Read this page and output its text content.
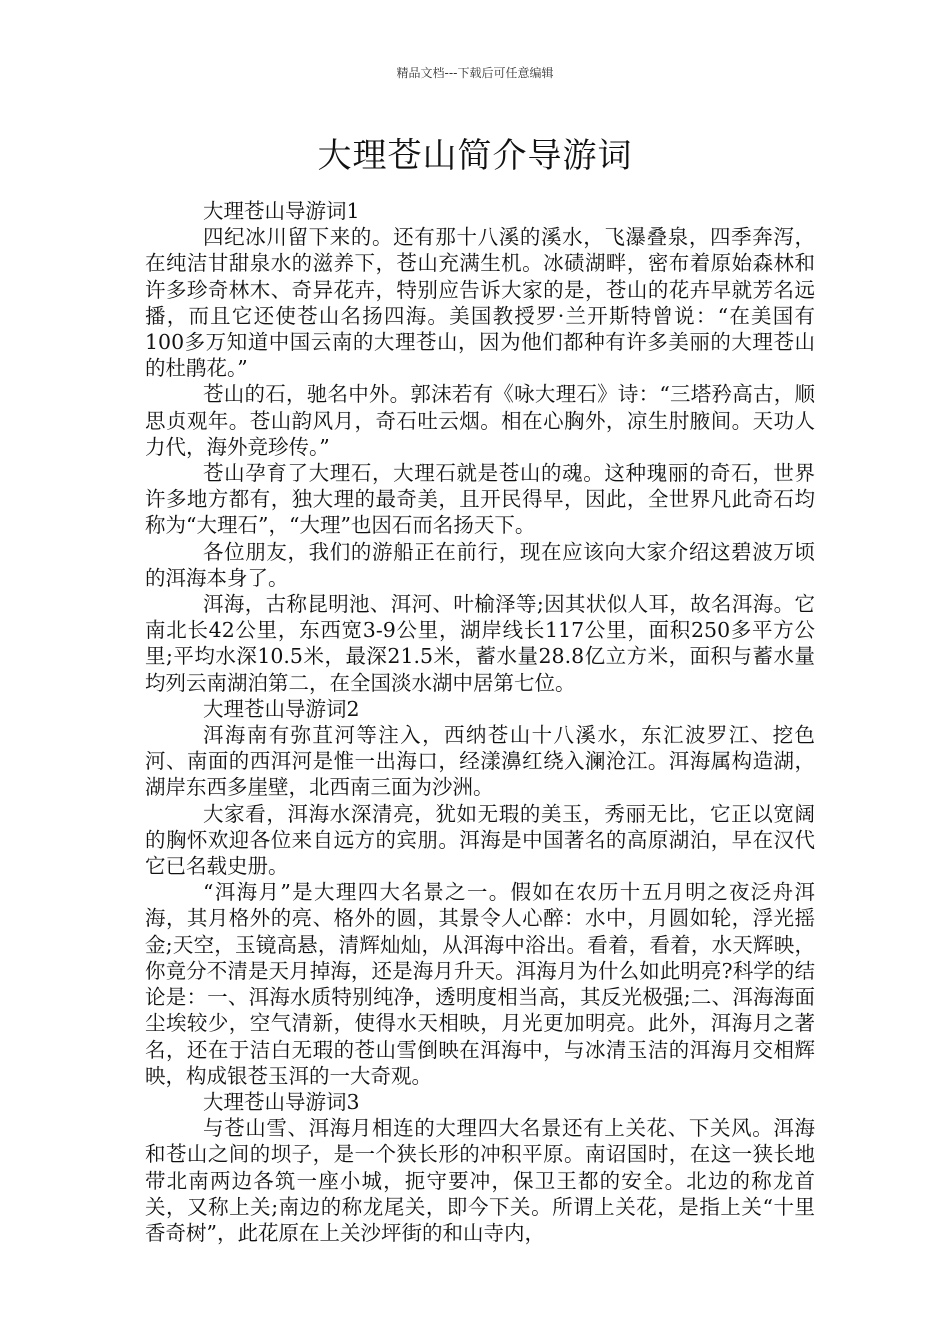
精品文档---下载后可任意编辑
大理苍山简介导游词

大理苍山导游词1

四纪冰川留下来的。还有那十八溪的溪水，飞瀑叠泉，四季奔泻，在纯洁甘甜泉水的滋养下，苍山充满生机。冰碛湖畔，密布着原始森林和许多珍奇林木、奇异花卉，特别应告诉大家的是，苍山的花卉早就芳名远播，而且它还使苍山名扬四海。美国教授罗·兰开斯特曾说：“在美国有100多万知道中国云南的大理苍山，因为他们都种有许多美丽的大理苍山的杜鹃花。”

苍山的石，驰名中外。郭沫若有《咏大理石》诗：“三塔矜高古，顺思贞观年。苍山韵风月，奇石吐云烟。相在心胸外，凉生肘腋间。天功人力代，海外竞珍传。”

苍山孕育了大理石，大理石就是苍山的魂。这种瑰丽的奇石，世界许多地方都有，独大理的最奇美，且开民得早，因此，全世界凡此奇石均称为“大理石”，“大理”也因石而名扬天下。

各位朋友，我们的游船正在前行，现在应该向大家介绍这碧波万顷的洱海本身了。

洱海，古称昆明池、洱河、叶榆泽等;因其状似人耳，故名洱海。它南北长42公里，东西宽3-9公里，湖岸线长117公里，面积250多平方公里;平均水深10.5米，最深21.5米，蓄水量28.8亿立方米，面积与蓄水量均列云南湖泊第二，在全国淡水湖中居第七位。

大理苍山导游词2

洱海南有弥苴河等注入，西纳苍山十八溪水，东汇波罗江、挖色河、南面的西洱河是惟一出海口，经漾濞红绕入澜沧江。洱海属构造湖，湖岸东西多崖壁，北西南三面为沙洲。

大家看，洱海水深清亮，犹如无瑕的美玉，秀丽无比，它正以宽阔的胸怀欢迎各位来自远方的宾朋。洱海是中国著名的高原湖泊，早在汉代它已名载史册。

“洱海月”是大理四大名景之一。假如在农历十五月明之夜泛舟洱海，其月格外的亮、格外的圆，其景令人心醉：水中，月圆如轮，浮光摇金;天空，玉镜高悬，清辉灿灿，从洱海中浴出。看着，看着，水天辉映，你竟分不清是天月掉海，还是海月升天。洱海月为什么如此明亮?科学的结论是：一、洱海水质特别纯净，透明度相当高，其反光极强;二、洱海海面尘埃较少，空气清新，使得水天相映，月光更加明亮。此外，洱海月之著名，还在于洁白无瑕的苍山雪倒映在洱海中，与冰清玉洁的洱海月交相辉映，构成银苍玉洱的一大奇观。

大理苍山导游词3

与苍山雪、洱海月相连的大理四大名景还有上关花、下关风。洱海和苍山之间的坝子，是一个狭长形的冲积平原。南诏国时，在这一狭长地带北南两边各筑一座小城，扼守要冲，保卫王都的安全。北边的称龙首关，又称上关;南边的称龙尾关，即今下关。所谓上关花，是指上关“十里香奇树”，此花原在上关沙坪街的和山寺内，
